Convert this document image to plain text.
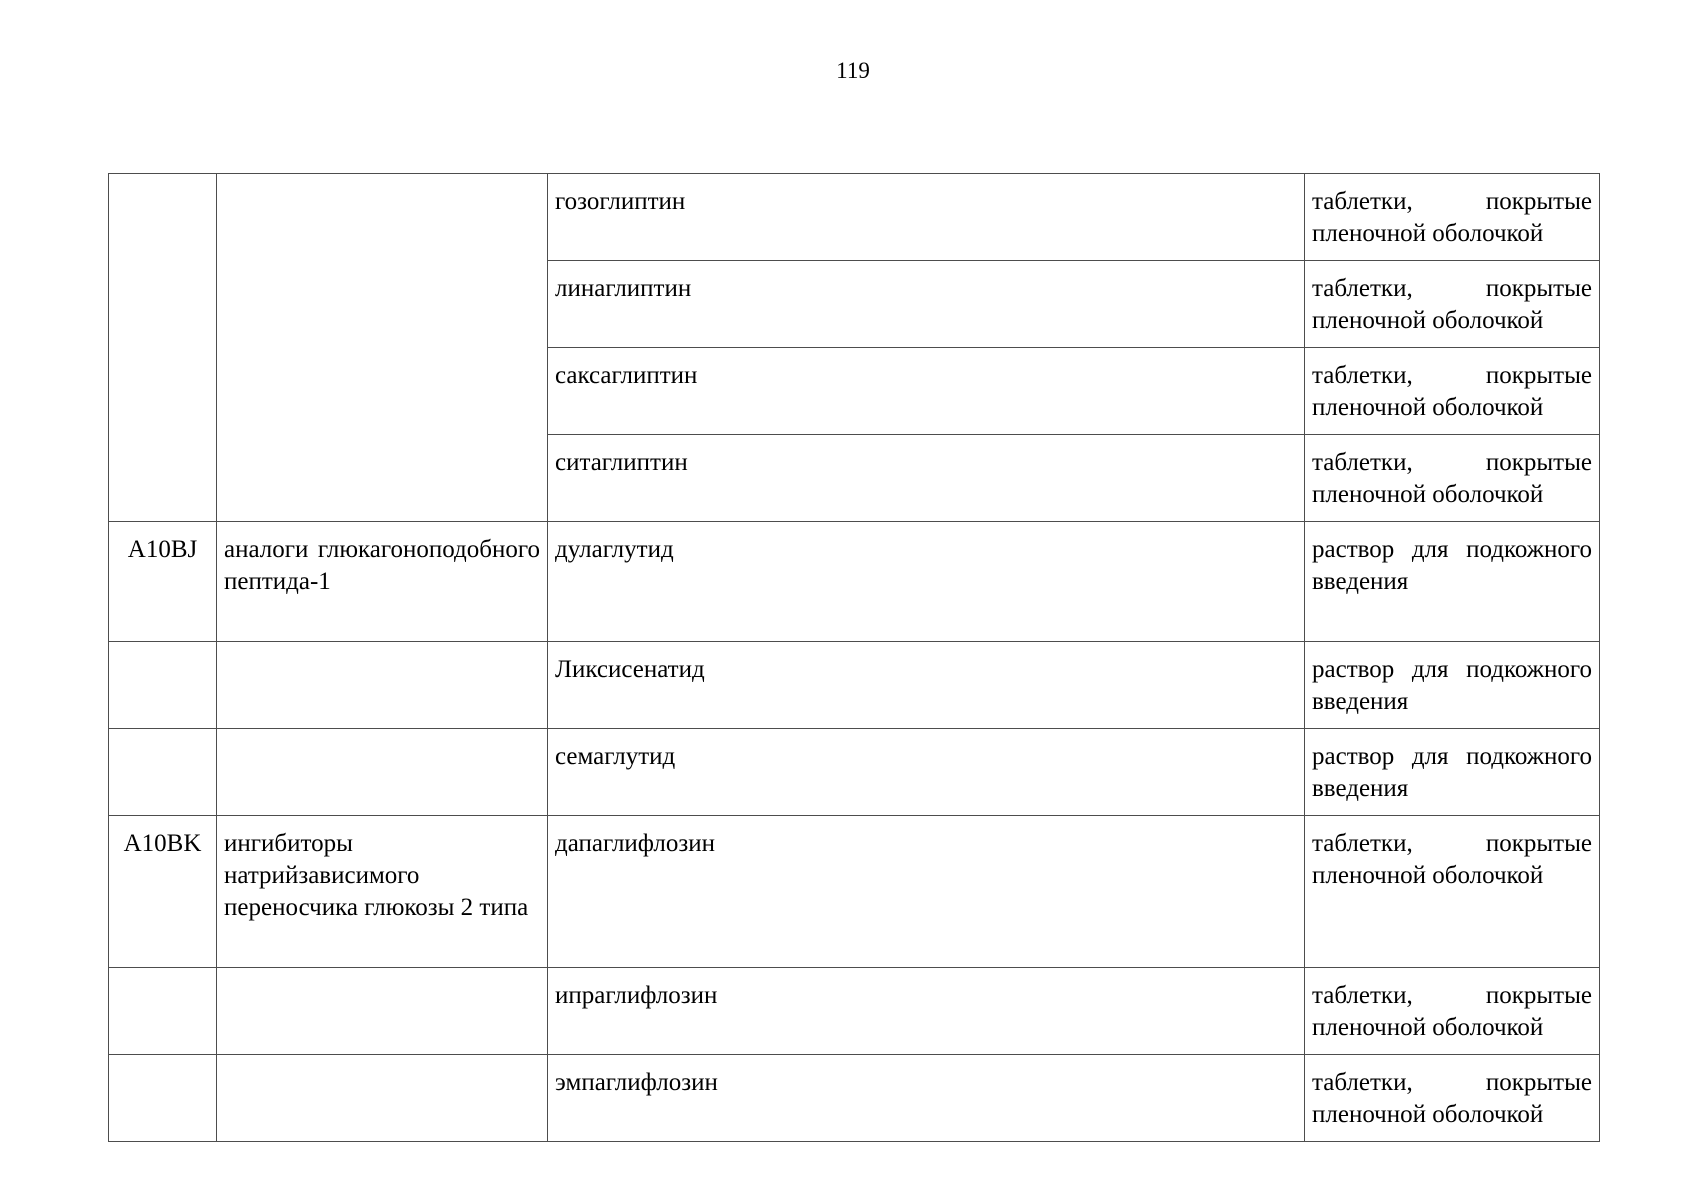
119
		гозоглиптин	таблетки, покрытые пленочной оболочкой
		линаглиптин	таблетки, покрытые пленочной оболочкой
		саксаглиптин	таблетки, покрытые пленочной оболочкой
		ситаглиптин	таблетки, покрытые пленочной оболочкой
A10BJ	аналоги глюкагоноподобного пептида-1	дулаглутид	раствор для подкожного введения
		Ликсисенатид	раствор для подкожного введения
		семаглутид	раствор для подкожного введения
A10BK	ингибиторы натрийзависимого переносчика глюкозы 2 типа	дапаглифлозин	таблетки, покрытые пленочной оболочкой
		ипраглифлозин	таблетки, покрытые пленочной оболочкой
		эмпаглифлозин	таблетки, покрытые пленочной оболочкой
